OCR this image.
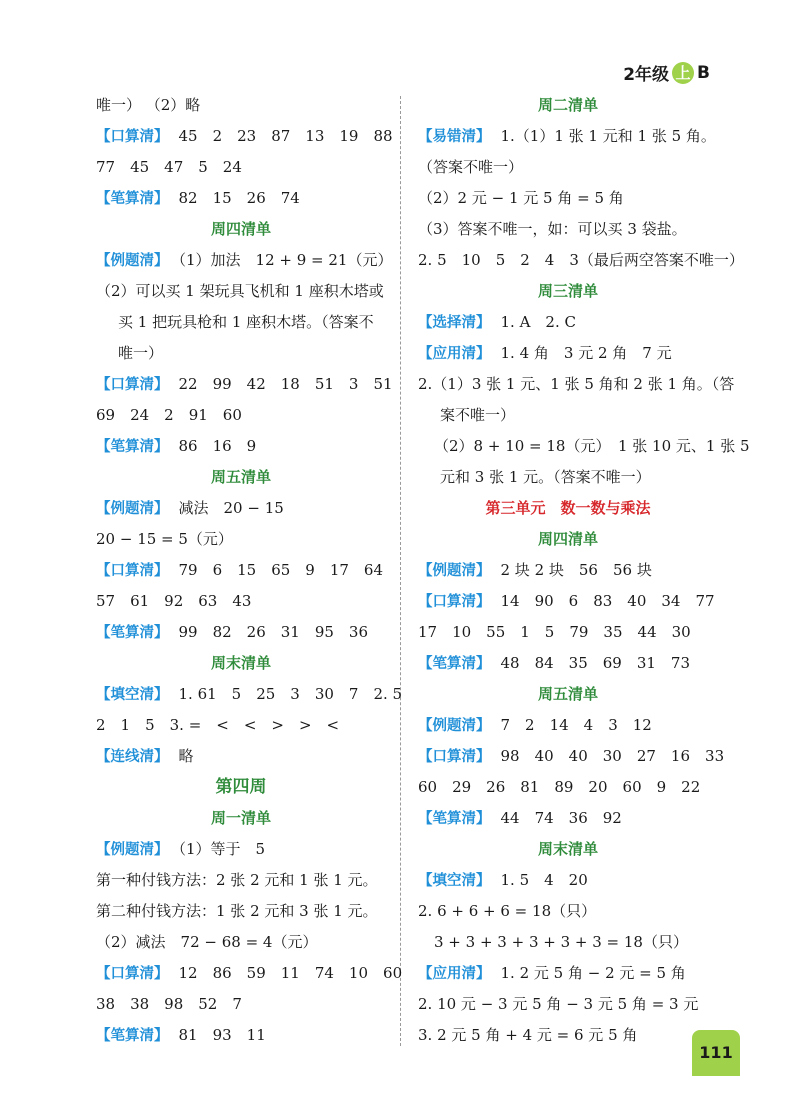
2年级 上 B
唯一） （2）略
【口算清】 45　2　23　87　13　19　88
77　45　47　5　24
【笔算清】 82　15　26　74
周四清单
【例题清】 （1）加法　12 + 9 = 21（元）
（2）可以买 1 架玩具飞机和 1 座积木塔或
买 1 把玩具枪和 1 座积木塔。（答案不
唯一）
【口算清】 22　99　42　18　51　3　51
69　24　2　91　60
【笔算清】 86　16　9
周五清单
【例题清】 减法　20 − 15
20 − 15 = 5（元）
【口算清】 79　6　15　65　9　17　64
57　61　92　63　43
【笔算清】 99　82　26　31　95　36
周末清单
【填空清】 1. 61　5　25　3　30　7　2. 5
2　1　5　3. =　<　<　>　>　<
【连线清】 略
第四周
周一清单
【例题清】 （1）等于　5
第一种付钱方法：2 张 2 元和 1 张 1 元。
第二种付钱方法：1 张 2 元和 3 张 1 元。
（2）减法　72 − 68 = 4（元）
【口算清】 12　86　59　11　74　10　60
38　38　98　52　7
【笔算清】 81　93　11
周二清单
【易错清】 1.（1）1 张 1 元和 1 张 5 角。
（答案不唯一）
（2）2 元 − 1 元 5 角 = 5 角
（3）答案不唯一，如：可以买 3 袋盐。
2. 5　10　5　2　4　3（最后两空答案不唯一）
周三清单
【选择清】 1. A　2. C
【应用清】 1. 4 角　3 元 2 角　7 元
2.（1）3 张 1 元、1 张 5 角和 2 张 1 角。（答
案不唯一）
（2）8 + 10 = 18（元）　1 张 10 元、1 张 5
元和 3 张 1 元。（答案不唯一）
第三单元　数一数与乘法
周四清单
【例题清】 2 块 2 块　56　56 块
【口算清】 14　90　6　83　40　34　77
17　10　55　1　5　79　35　44　30
【笔算清】 48　84　35　69　31　73
周五清单
【例题清】 7　2　14　4　3　12
【口算清】 98　40　40　30　27　16　33
60　29　26　81　89　20　60　9　22
【笔算清】 44　74　36　92
周末清单
【填空清】 1. 5　4　20
2. 6 + 6 + 6 = 18（只）
3 + 3 + 3 + 3 + 3 + 3 = 18（只）
【应用清】 1. 2 元 5 角 − 2 元 = 5 角
2. 10 元 − 3 元 5 角 − 3 元 5 角 = 3 元
3. 2 元 5 角 + 4 元 = 6 元 5 角
111
